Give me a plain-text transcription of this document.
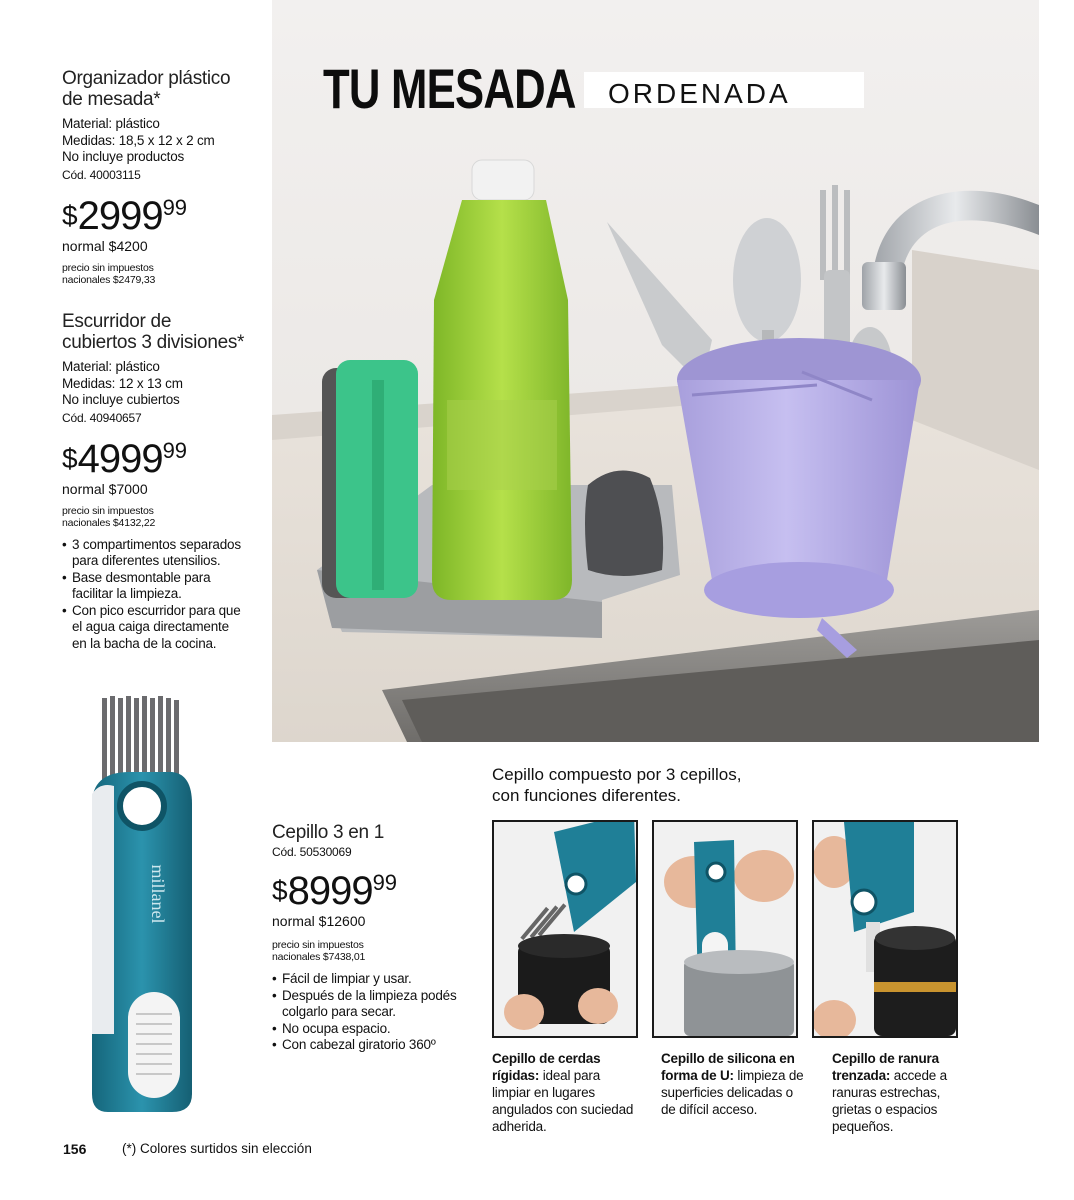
Organizador plástico
de mesada*
Material: plástico
Medidas: 18,5 x 12 x 2 cm
No incluye productos
Cód. 40003115
$2999$^{99}$
normal $4200
precio sin impuestos
nacionales $2479,33
Escurridor de
cubiertos 3 divisiones*
Material: plástico
Medidas: 12 x 13 cm
No incluye cubiertos
Cód. 40940657
$4999$^{99}$
normal $7000
precio sin impuestos
nacionales $4132,22
• 3 compartimentos separados
para diferentes utensilios.
• Base desmontable para
facilitar la limpieza.
• Con pico escurridor para que
el agua caiga directamente
en la bacha de la cocina.
TU MESADA	ORDENADA
millanel
Cepillo 3 en 1
Cód. 50530069
$8999$^{99}$
normal $12600
precio sin impuestos
nacionales $7438,01
• Fácil de limpiar y usar.
• Después de la limpieza podés
colgarlo para secar.
• No ocupa espacio.
• Con cabezal giratorio 360º
Cepillo compuesto por 3 cepillos,
con funciones diferentes.
Cepillo de cerdas
rígidas: ideal para
limpiar en lugares
angulados con suciedad
adherida.
Cepillo de silicona en
forma de U: limpieza de
superficies delicadas o
de difícil acceso.
Cepillo de ranura
trenzada: accede a
ranuras estrechas,
grietas o espacios
pequeños.
156	(*) Colores surtidos sin elección
